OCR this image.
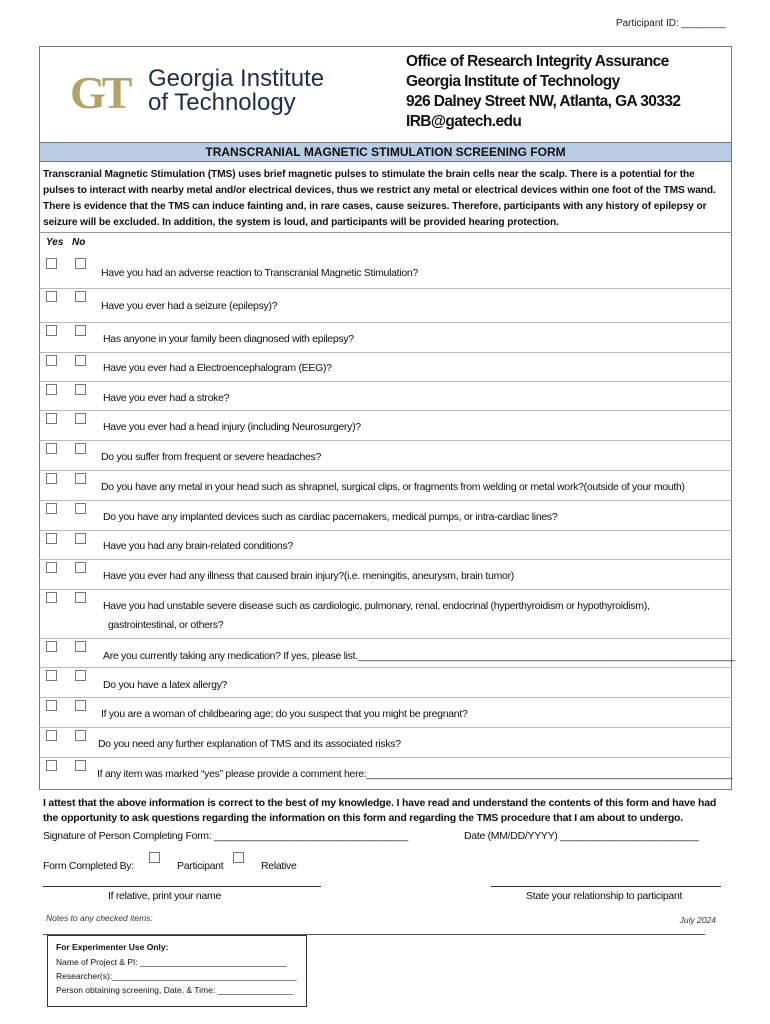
Participant ID: ________
GT Georgia Institute
of Technology
Office of Research Integrity Assurance
Georgia Institute of Technology
926 Dalney Street NW, Atlanta, GA 30332
IRB@gatech.edu
TRANSCRANIAL MAGNETIC STIMULATION SCREENING FORM
Transcranial Magnetic Stimulation (TMS) uses brief magnetic pulses to stimulate the brain cells near the scalp. There is a potential for the pulses to interact with nearby metal and/or electrical devices, thus we restrict any metal or electrical devices within one foot of the TMS wand. There is evidence that the TMS can induce fainting and, in rare cases, cause seizures. Therefore, participants with any history of epilepsy or seizure will be excluded. In addition, the system is loud, and participants will be provided hearing protection.
Yes No
Have you had an adverse reaction to Transcranial Magnetic Stimulation?
Have you ever had a seizure (epilepsy)?
Has anyone in your family been diagnosed with epilepsy?
Have you ever had a Electroencephalogram (EEG)?
Have you ever had a stroke?
Have you ever had a head injury (including Neurosurgery)?
Do you suffer from frequent or severe headaches?
Do you have any metal in your head such as shrapnel, surgical clips, or fragments from welding or metal work?(outside of your mouth)
Do you have any implanted devices such as cardiac pacemakers, medical pumps, or intra-cardiac lines?
Have you had any brain-related conditions?
Have you ever had any illness that caused brain injury?(i.e. meningitis, aneurysm, brain tumor)
Have you had unstable severe disease such as cardiologic, pulmonary, renal, endocrinal (hyperthyroidism or hypothyroidism),
gastrointestinal, or others?
Are you currently taking any medication? If yes, please list.____________________________________________________________________
Do you have a latex allergy?
If you are a woman of childbearing age; do you suspect that you might be pregnant?
Do you need any further explanation of TMS and its associated risks?
If any item was marked “yes” please provide a comment here:__________________________________________________________________
I attest that the above information is correct to the best of my knowledge. I have read and understand the contents of this form and have had the opportunity to ask questions regarding the information on this form and regarding the TMS procedure that I am about to undergo.
Signature of Person Completing Form: ___________________________________	Date (MM/DD/YYYY) _________________________
Form Completed By:	Participant	Relative
If relative, print your name	State your relationship to participant
Notes to any checked items:	July 2024
For Experimenter Use Only:
Name of Project & PI: _______________________________
Researcher(s):_______________________________________
Person obtaining screening, Date, & Time: ________________
